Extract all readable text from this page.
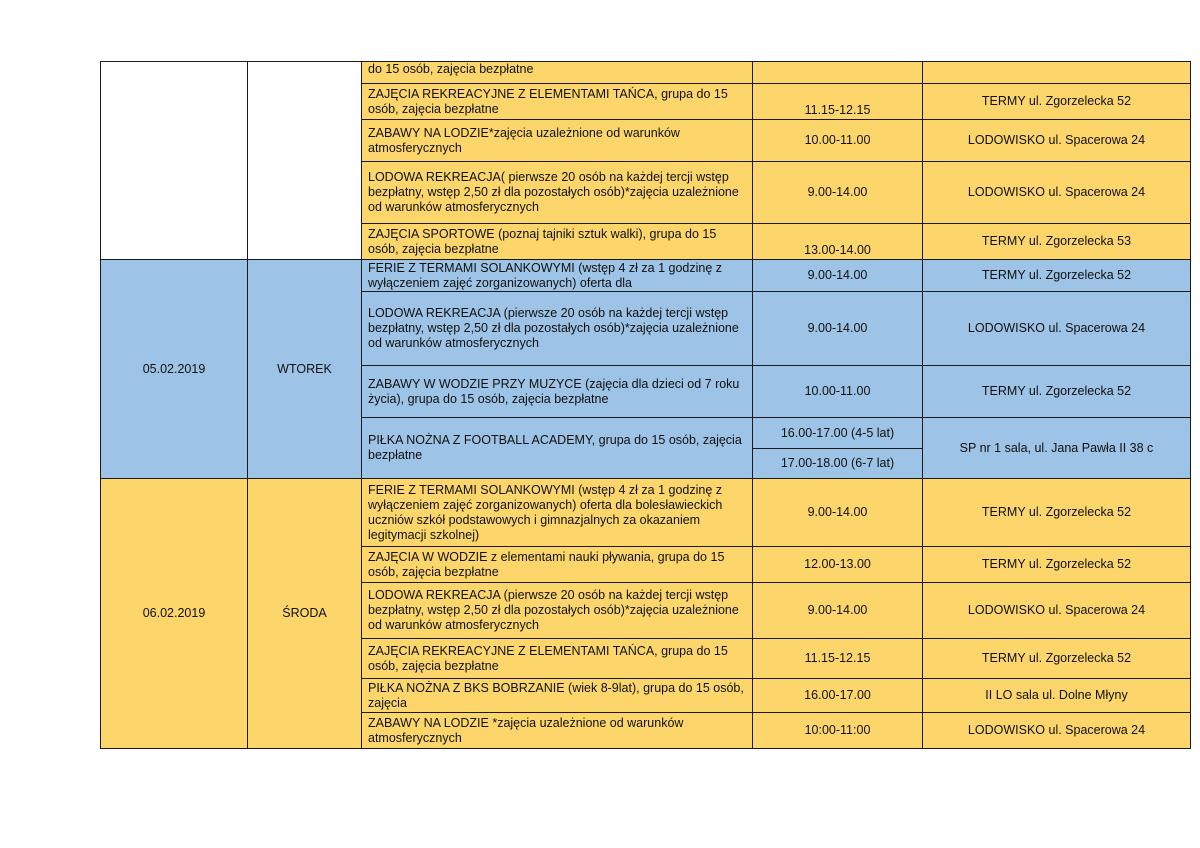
		do 15 osób, zajęcia bezpłatne		
		ZAJĘCIA REKREACYJNE Z ELEMENTAMI TAŃCA, grupa do 15 osób, zajęcia bezpłatne	11.15-12.15	TERMY ul. Zgorzelecka 52
		ZABAWY NA LODZIE*zajęcia uzależnione od warunków atmosferycznych	10.00-11.00	LODOWISKO ul. Spacerowa 24
		LODOWA REKREACJA( pierwsze 20 osób na każdej tercji wstęp bezpłatny, wstęp 2,50 zł dla pozostałych osób)*zajęcia uzależnione od warunków atmosferycznych	9.00-14.00	LODOWISKO ul. Spacerowa 24
		ZAJĘCIA SPORTOWE (poznaj tajniki sztuk walki), grupa do 15 osób, zajęcia bezpłatne	13.00-14.00	TERMY ul. Zgorzelecka 53
05.02.2019	WTOREK	FERIE Z TERMAMI SOLANKOWYMI (wstęp 4 zł za 1 godzinę z wyłączeniem zajęć zorganizowanych) oferta dla	9.00-14.00	TERMY ul. Zgorzelecka 52
		LODOWA REKREACJA (pierwsze 20 osób na każdej tercji wstęp bezpłatny, wstęp 2,50 zł dla pozostałych osób)*zajęcia uzależnione od warunków atmosferycznych	9.00-14.00	LODOWISKO ul. Spacerowa 24
		ZABAWY W WODZIE PRZY MUZYCE (zajęcia dla dzieci od 7 roku życia), grupa do 15 osób, zajęcia bezpłatne	10.00-11.00	TERMY ul. Zgorzelecka 52
		PIŁKA NOŻNA Z FOOTBALL ACADEMY, grupa do 15 osób, zajęcia bezpłatne	16.00-17.00 (4-5 lat)	SP nr 1 sala, ul. Jana Pawła II 38 c
			17.00-18.00 (6-7 lat)	
06.02.2019	ŚRODA	FERIE Z TERMAMI SOLANKOWYMI (wstęp 4 zł za 1 godzinę z wyłączeniem zajęć zorganizowanych) oferta dla bolesławieckich uczniów szkół podstawowych i gimnazjalnych za okazaniem legitymacji szkolnej)	9.00-14.00	TERMY ul. Zgorzelecka 52
		ZAJĘCIA W WODZIE z elementami nauki pływania, grupa do 15 osób, zajęcia bezpłatne	12.00-13.00	TERMY ul. Zgorzelecka 52
		LODOWA REKREACJA (pierwsze 20 osób na każdej tercji wstęp bezpłatny, wstęp 2,50 zł dla pozostałych osób)*zajęcia uzależnione od warunków atmosferycznych	9.00-14.00	LODOWISKO ul. Spacerowa 24
		ZAJĘCIA REKREACYJNE Z ELEMENTAMI TAŃCA, grupa do 15 osób, zajęcia bezpłatne	11.15-12.15	TERMY ul. Zgorzelecka 52
		PIŁKA NOŻNA Z BKS BOBRZANIE (wiek 8-9lat), grupa do 15 osób, zajęcia	16.00-17.00	II LO sala ul. Dolne Młyny
		ZABAWY NA LODZIE *zajęcia uzależnione od warunków atmosferycznych	10:00-11:00	LODOWISKO ul. Spacerowa 24
